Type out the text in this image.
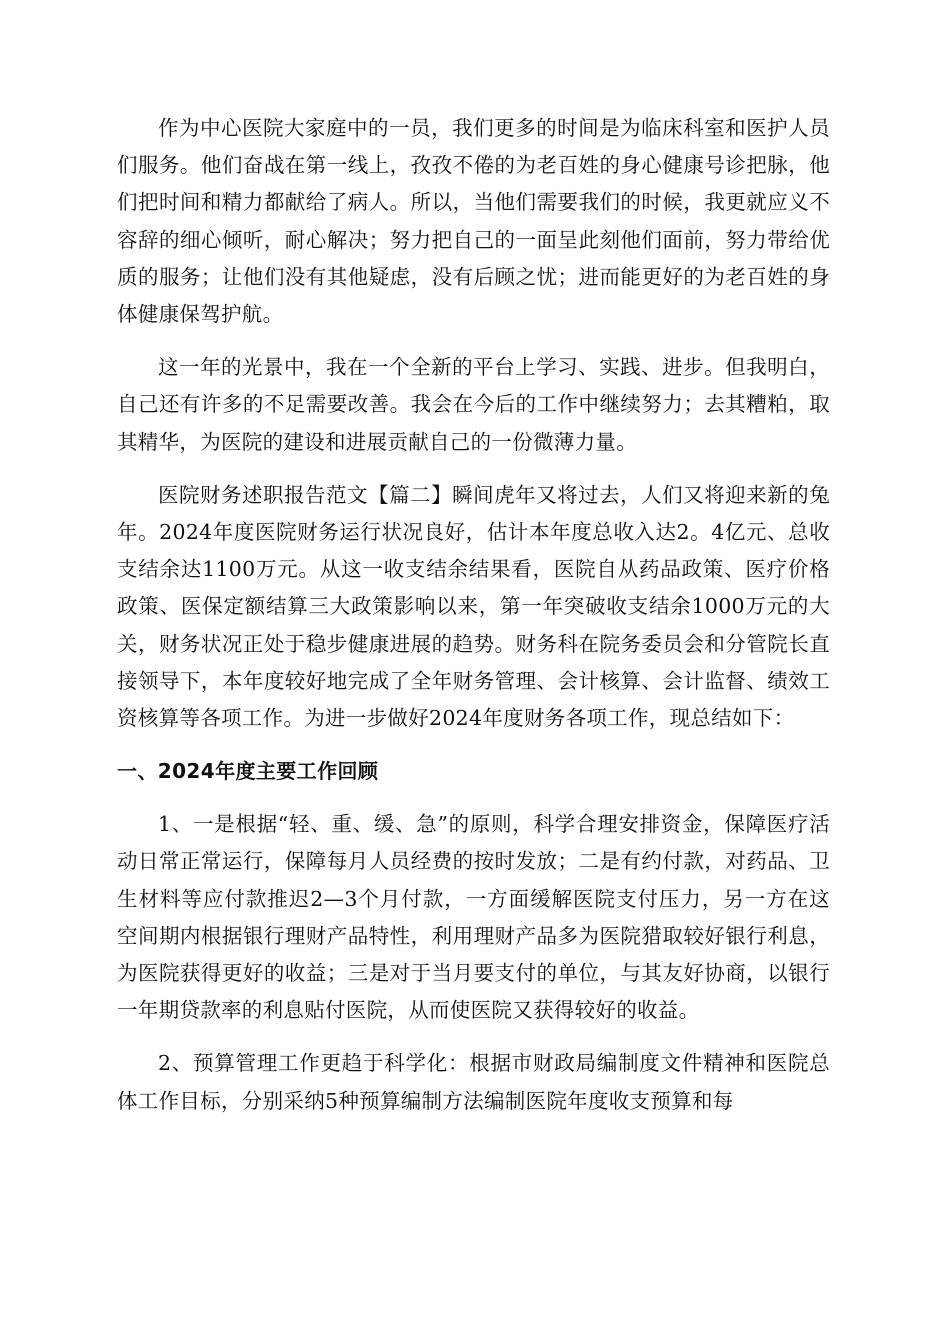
作为中心医院大家庭中的一员，我们更多的时间是为临床科室和医护人员们服务。他们奋战在第一线上，孜孜不倦的为老百姓的身心健康号诊把脉，他们把时间和精力都献给了病人。所以，当他们需要我们的时候，我更就应义不容辞的细心倾听，耐心解决；努力把自己的一面呈此刻他们面前，努力带给优质的服务；让他们没有其他疑虑，没有后顾之忧；进而能更好的为老百姓的身体健康保驾护航。

这一年的光景中，我在一个全新的平台上学习、实践、进步。但我明白，自己还有许多的不足需要改善。我会在今后的工作中继续努力；去其糟粕，取其精华，为医院的建设和进展贡献自己的一份微薄力量。

医院财务述职报告范文【篇二】瞬间虎年又将过去，人们又将迎来新的兔年。2024年度医院财务运行状况良好，估计本年度总收入达2。4亿元、总收支结余达1100万元。从这一收支结余结果看，医院自从药品政策、医疗价格政策、医保定额结算三大政策影响以来，第一年突破收支结余1000万元的大关，财务状况正处于稳步健康进展的趋势。财务科在院务委员会和分管院长直接领导下，本年度较好地完成了全年财务管理、会计核算、会计监督、绩效工资核算等各项工作。为进一步做好2024年度财务各项工作，现总结如下：

一、2024年度主要工作回顾

1、一是根据“轻、重、缓、急”的原则，科学合理安排资金，保障医疗活动日常正常运行，保障每月人员经费的按时发放；二是有约付款，对药品、卫生材料等应付款推迟2—3个月付款，一方面缓解医院支付压力，另一方在这空间期内根据银行理财产品特性，利用理财产品多为医院猎取较好银行利息，为医院获得更好的收益；三是对于当月要支付的单位，与其友好协商，以银行一年期贷款率的利息贴付医院，从而使医院又获得较好的收益。

2、预算管理工作更趋于科学化：根据市财政局编制度文件精神和医院总体工作目标，分别采纳5种预算编制方法编制医院年度收支预算和每
